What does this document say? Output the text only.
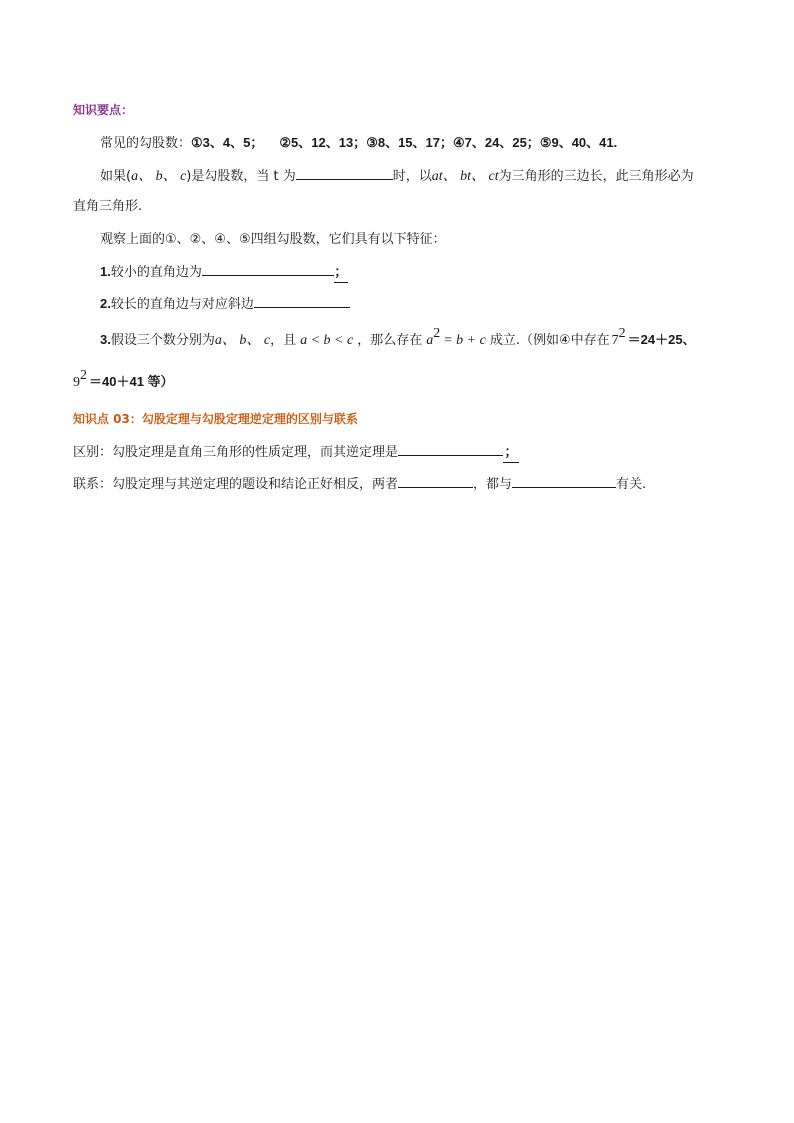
知识要点：
常见的勾股数：①3、4、5； ②5、12、13；③8、15、17；④7、24、25；⑤9、40、41.
如果(a、 b、 c)是勾股数，当 t 为	时，以at、 bt、 ct为三角形的三边长，此三角形必为
直角三角形.
观察上面的①、②、④、⑤四组勾股数，它们具有以下特征：
1.较小的直角边为	；
2.较长的直角边与对应斜边
3.假设三个数分别为a、 b、 c，且 a < b < c ，那么存在 $a^2 = b + c$ 成立.（例如④中存在 $7^2 =24+25$、
$9^2 =40+41$ 等）
知识点 03：勾股定理与勾股定理逆定理的区别与联系
区别：勾股定理是直角三角形的性质定理，而其逆定理是	；
联系：勾股定理与其逆定理的题设和结论正好相反，两者	，都与	有关.
